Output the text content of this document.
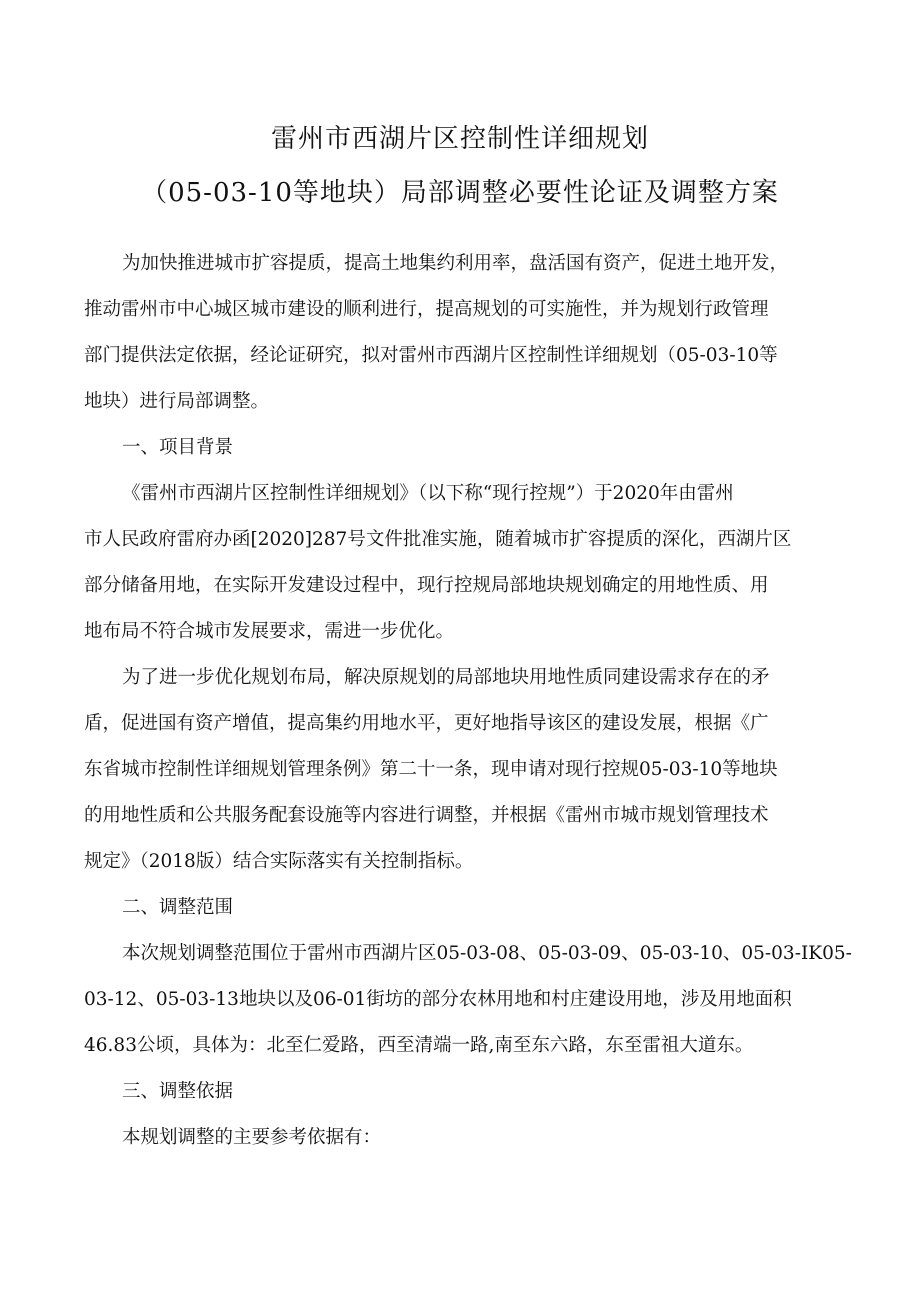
雷州市西湖片区控制性详细规划
（05-03-10等地块）局部调整必要性论证及调整方案
为加快推进城市扩容提质，提高土地集约利用率，盘活国有资产，促进土地开发，
推动雷州市中心城区城市建设的顺利进行，提高规划的可实施性，并为规划行政管理
部门提供法定依据，经论证研究，拟对雷州市西湖片区控制性详细规划（05-03-10等
地块）进行局部调整。
一、项目背景
《雷州市西湖片区控制性详细规划》（以下称“现行控规”）于2020年由雷州
市人民政府雷府办函[2020]287号文件批准实施，随着城市扩容提质的深化，西湖片区
部分储备用地，在实际开发建设过程中，现行控规局部地块规划确定的用地性质、用
地布局不符合城市发展要求，需进一步优化。
为了进一步优化规划布局，解决原规划的局部地块用地性质同建设需求存在的矛
盾，促进国有资产增值，提高集约用地水平，更好地指导该区的建设发展，根据《广
东省城市控制性详细规划管理条例》第二十一条，现申请对现行控规05-03-10等地块
的用地性质和公共服务配套设施等内容进行调整，并根据《雷州市城市规划管理技术
规定》（2018版）结合实际落实有关控制指标。
二、调整范围
本次规划调整范围位于雷州市西湖片区05-03-08、05-03-09、05-03-10、05-03-IK05-
03-12、05-03-13地块以及06-01街坊的部分农林用地和村庄建设用地，涉及用地面积
46.83公顷，具体为：北至仁爱路，西至清端一路,南至东六路，东至雷祖大道东。
三、调整依据
本规划调整的主要参考依据有：
